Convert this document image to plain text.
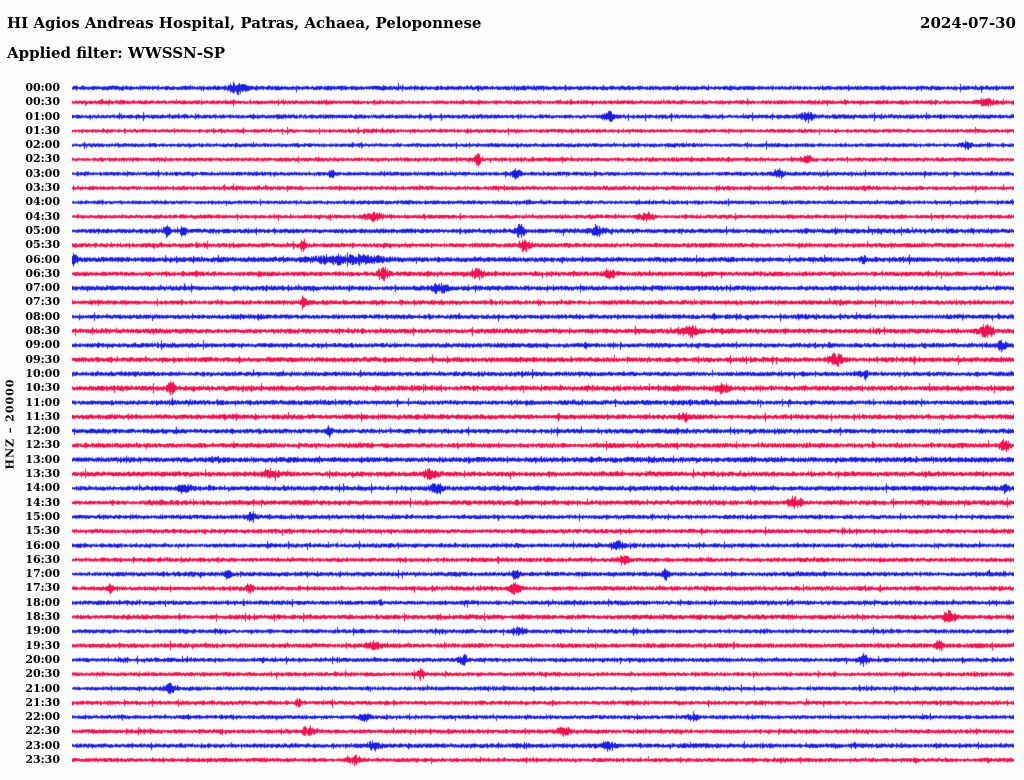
HI Agios Andreas Hospital, Patras, Achaea, Peloponnese	2024-07-30
Applied filter: WWSSN-SP
HNZ – 20000
00:00
00:30
01:00
01:30
02:00
02:30
03:00
03:30
04:00
04:30
05:00
05:30
06:00
06:30
07:00
07:30
08:00
08:30
09:00
09:30
10:00
10:30
11:00
11:30
12:00
12:30
13:00
13:30
14:00
14:30
15:00
15:30
16:00
16:30
17:00
17:30
18:00
18:30
19:00
19:30
20:00
20:30
21:00
21:30
22:00
22:30
23:00
23:30
